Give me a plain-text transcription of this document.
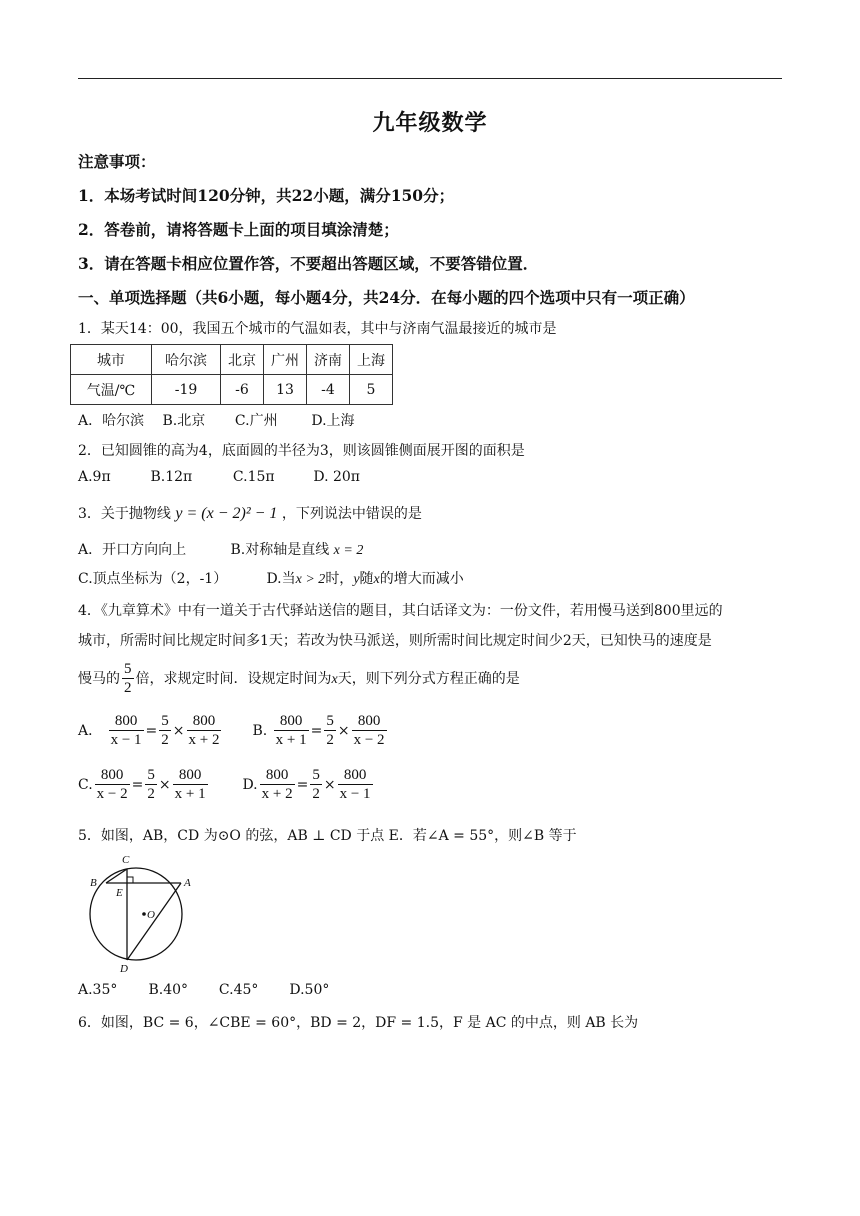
九年级数学
注意事项：
1．本场考试时间120分钟，共22小题，满分150分；
2．答卷前，请将答题卡上面的项目填涂清楚；
3．请在答题卡相应位置作答，不要超出答题区域，不要答错位置．
一、单项选择题（共6小题，每小题4分，共24分．在每小题的四个选项中只有一项正确）
1．某天14：00，我国五个城市的气温如表，其中与济南气温最接近的城市是
城市	哈尔滨	北京	广州	济南	上海
气温/℃	-19	-6	13	-4	5
A．哈尔滨 B.北京 C.广州 D.上海
2．已知圆锥的高为4，底面圆的半径为3，则该圆锥侧面展开图的面积是
A.9π	B.12π	C.15π	D. 20π
3．关于抛物线 y = (x − 2)² − 1 ，下列说法中错误的是
A．开口方向向上	B.对称轴是直线 x = 2
C.顶点坐标为（2，-1）	D.当x > 2时，y随x的增大而减小
4．《九章算术》中有一道关于古代驿站送信的题目，其白话译文为：一份文件，若用慢马送到800里远的
城市，所需时间比规定时间多1天；若改为快马派送，则所需时间比规定时间少2天，已知快马的速度是
慢马的 $\frac{5}{2}$ 倍，求规定时间．设规定时间为x天，则下列分式方程正确的是
A． $\frac{800}{x - 1} = \frac{5}{2} \times \frac{800}{x + 2} B$. $\frac{800}{x + 1} = \frac{5}{2} \times \frac{800}{x - 2}$
C. $\frac{800}{x - 2} = \frac{5}{2} \times \frac{800}{x + 1} D$. $\frac{800}{x + 2} = \frac{5}{2} \times \frac{800}{x - 1}$
5．如图，AB，CD 为⊙O 的弦，AB ⊥ CD 于点 E．若∠A = 55°，则∠B 等于
C
B
E
A
O
D
A.35° B.40° C.45° D.50°
6．如图，BC = 6，∠CBE = 60°，BD = 2，DF = 1.5，F 是 AC 的中点，则 AB 长为
